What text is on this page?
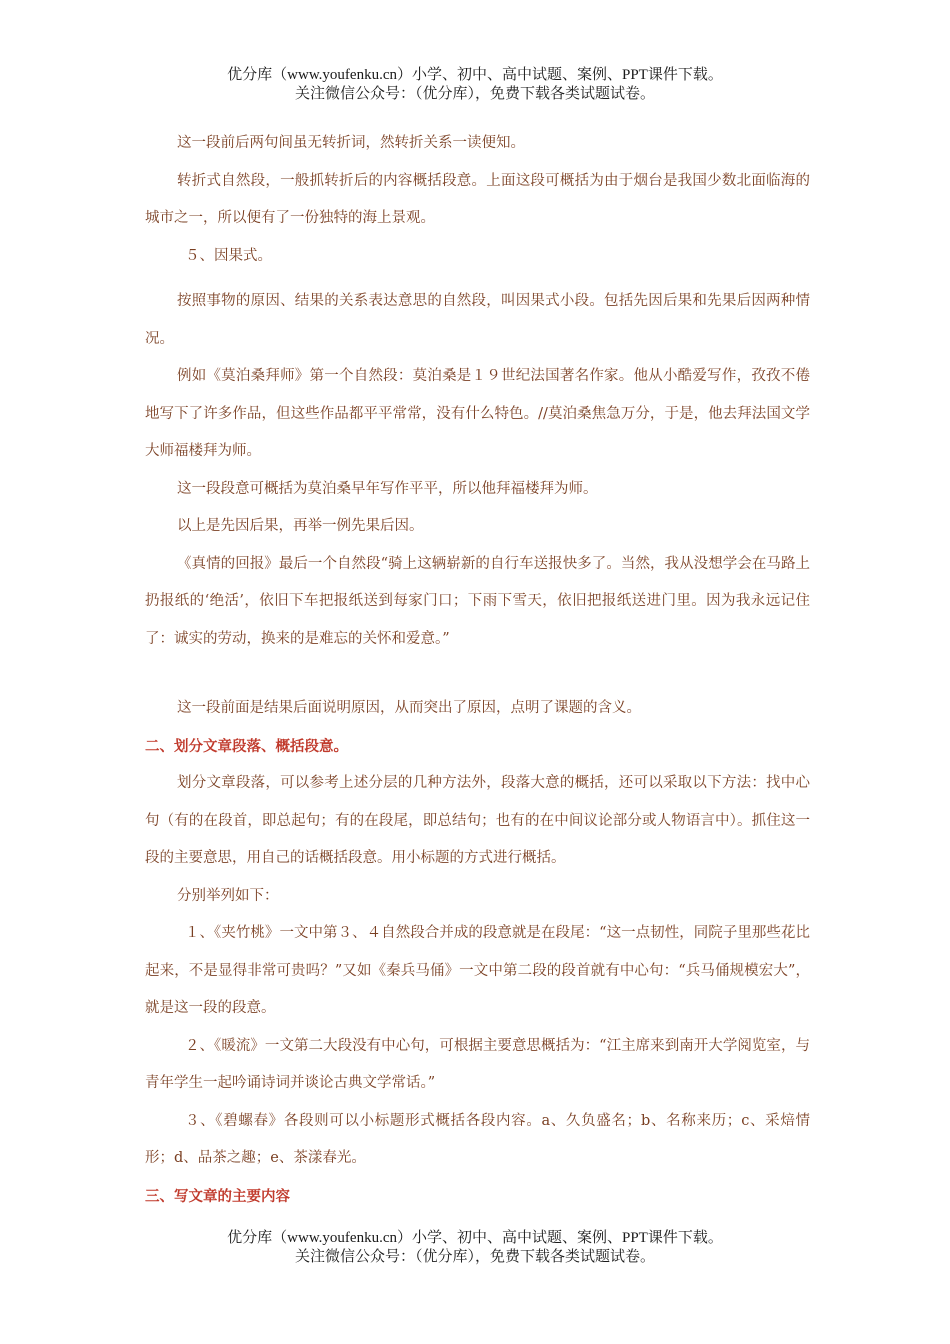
优分库（www.youfenku.cn）小学、初中、高中试题、案例、PPT课件下载。
关注微信公众号：（优分库），免费下载各类试题试卷。

这一段前后两句间虽无转折词，然转折关系一读便知。

转折式自然段，一般抓转折后的内容概括段意。上面这段可概括为由于烟台是我国少数北面临海的城市之一，所以便有了一份独特的海上景观。

５、因果式。

按照事物的原因、结果的关系表达意思的自然段，叫因果式小段。包括先因后果和先果后因两种情况。

例如《莫泊桑拜师》第一个自然段：莫泊桑是１９世纪法国著名作家。他从小酷爱写作，孜孜不倦地写下了许多作品，但这些作品都平平常常，没有什么特色。//莫泊桑焦急万分，于是，他去拜法国文学大师福楼拜为师。

这一段段意可概括为莫泊桑早年写作平平，所以他拜福楼拜为师。

以上是先因后果，再举一例先果后因。

《真情的回报》最后一个自然段“骑上这辆崭新的自行车送报快多了。当然，我从没想学会在马路上扔报纸的‘绝活’，依旧下车把报纸送到每家门口；下雨下雪天，依旧把报纸送进门里。因为我永远记住了：诚实的劳动，换来的是难忘的关怀和爱意。”

这一段前面是结果后面说明原因，从而突出了原因，点明了课题的含义。

二、划分文章段落、概括段意。

划分文章段落，可以参考上述分层的几种方法外，段落大意的概括，还可以采取以下方法：找中心句（有的在段首，即总起句；有的在段尾，即总结句；也有的在中间议论部分或人物语言中）。抓住这一段的主要意思，用自己的话概括段意。用小标题的方式进行概括。

分别举列如下：

１、《夹竹桃》一文中第３、４自然段合并成的段意就是在段尾：“这一点韧性，同院子里那些花比起来，不是显得非常可贵吗？”又如《秦兵马俑》一文中第二段的段首就有中心句：“兵马俑规模宏大”，就是这一段的段意。

２、《暖流》一文第二大段没有中心句，可根据主要意思概括为：“江主席来到南开大学阅览室，与青年学生一起吟诵诗词并谈论古典文学常话。”

３、《碧螺春》各段则可以小标题形式概括各段内容。a、久负盛名；b、名称来历；c、采焙情形；d、品茶之趣；e、茶漾春光。

三、写文章的主要内容

优分库（www.youfenku.cn）小学、初中、高中试题、案例、PPT课件下载。
关注微信公众号：（优分库），免费下载各类试题试卷。
